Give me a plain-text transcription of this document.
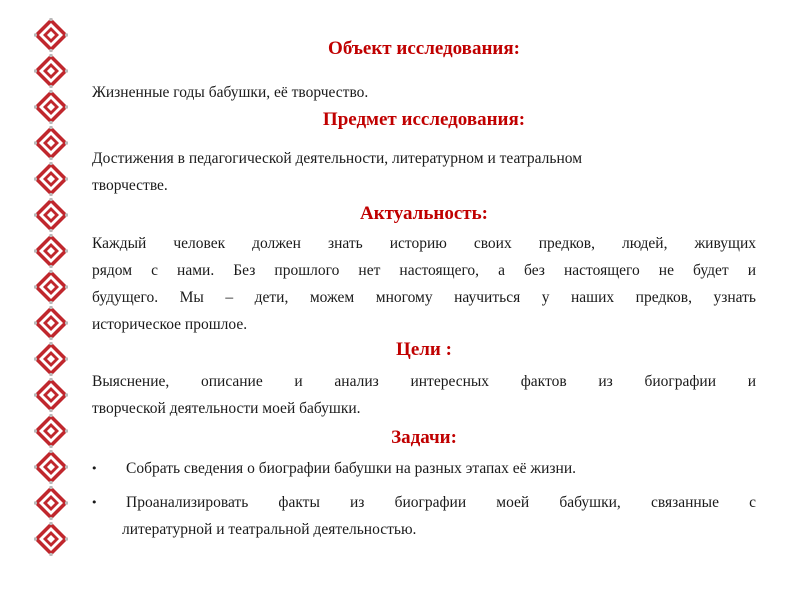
Объект исследования:

Жизненные годы бабушки, её творчество.

Предмет исследования:

Достижения в педагогической деятельности, литературном и театральном

творчестве.

Актуальность:

Каждый человек должен знать историю своих предков, людей, живущих

рядом с нами. Без прошлого нет настоящего, а без настоящего не будет и

будущего. Мы – дети, можем многому научиться у наших предков, узнать

историческое прошлое.

Цели :

Выяснение, описание и анализ интересных фактов из биографии и

творческой деятельности моей бабушки.

Задачи:
• Собрать сведения о биографии бабушки на разных этапах её жизни.
• Проанализировать факты из биографии моей бабушки, связанные с
литературной и театральной деятельностью.
